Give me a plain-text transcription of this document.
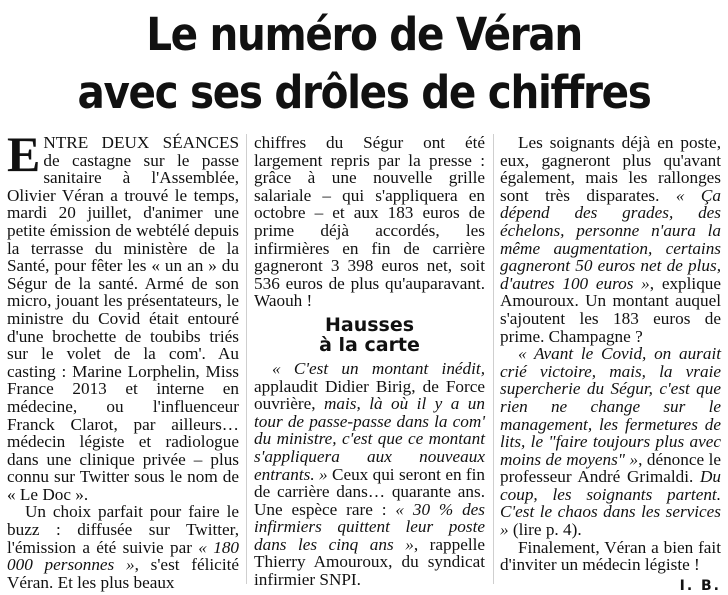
Le numéro de Véran
avec ses drôles de chiffres

ENTRE DEUX SÉANCES de castagne sur le passe sanitaire à l'Assemblée, Olivier Véran a trouvé le temps, mardi 20 juillet, d'animer une petite émission de webtélé depuis la terrasse du ministère de la Santé, pour fêter les « un an » du Ségur de la santé. Armé de son micro, jouant les présentateurs, le ministre du Covid était entouré d'une brochette de toubibs triés sur le volet de la com'. Au casting : Marine Lorphelin, Miss France 2013 et interne en médecine, ou l'influenceur Franck Clarot, par ailleurs… médecin légiste et radiologue dans une clinique privée – plus connu sur Twitter sous le nom de « Le Doc ».

Un choix parfait pour faire le buzz : diffusée sur Twitter, l'émission a été suivie par « 180 000 personnes », s'est félicité Véran. Et les plus beaux

chiffres du Ségur ont été largement repris par la presse : grâce à une nouvelle grille salariale – qui s'appliquera en octobre – et aux 183 euros de prime déjà accordés, les infirmières en fin de carrière gagneront 3 398 euros net, soit 536 euros de plus qu'auparavant. Waouh !

Hausses
à la carte

« C'est un montant inédit, applaudit Didier Birig, de Force ouvrière, mais, là où il y a un tour de passe-passe dans la com' du ministre, c'est que ce montant s'appliquera aux nouveaux entrants. » Ceux qui seront en fin de carrière dans… quarante ans. Une espèce rare : « 30 % des infirmiers quittent leur poste dans les cinq ans », rappelle Thierry Amouroux, du syndicat infirmier SNPI.

Les soignants déjà en poste, eux, gagneront plus qu'avant également, mais les rallonges sont très disparates. « Ça dépend des grades, des échelons, personne n'aura la même augmentation, certains gagneront 50 euros net de plus, d'autres 100 euros », explique Amouroux. Un montant auquel s'ajoutent les 183 euros de prime. Champagne ?

« Avant le Covid, on aurait crié victoire, mais, la vraie supercherie du Ségur, c'est que rien ne change sur le management, les fermetures de lits, le "faire toujours plus avec moins de moyens" », dénonce le professeur André Grimaldi. Du coup, les soignants partent. C'est le chaos dans les services » (lire p. 4).

Finalement, Véran a bien fait d'inviter un médecin légiste !

I. B.
